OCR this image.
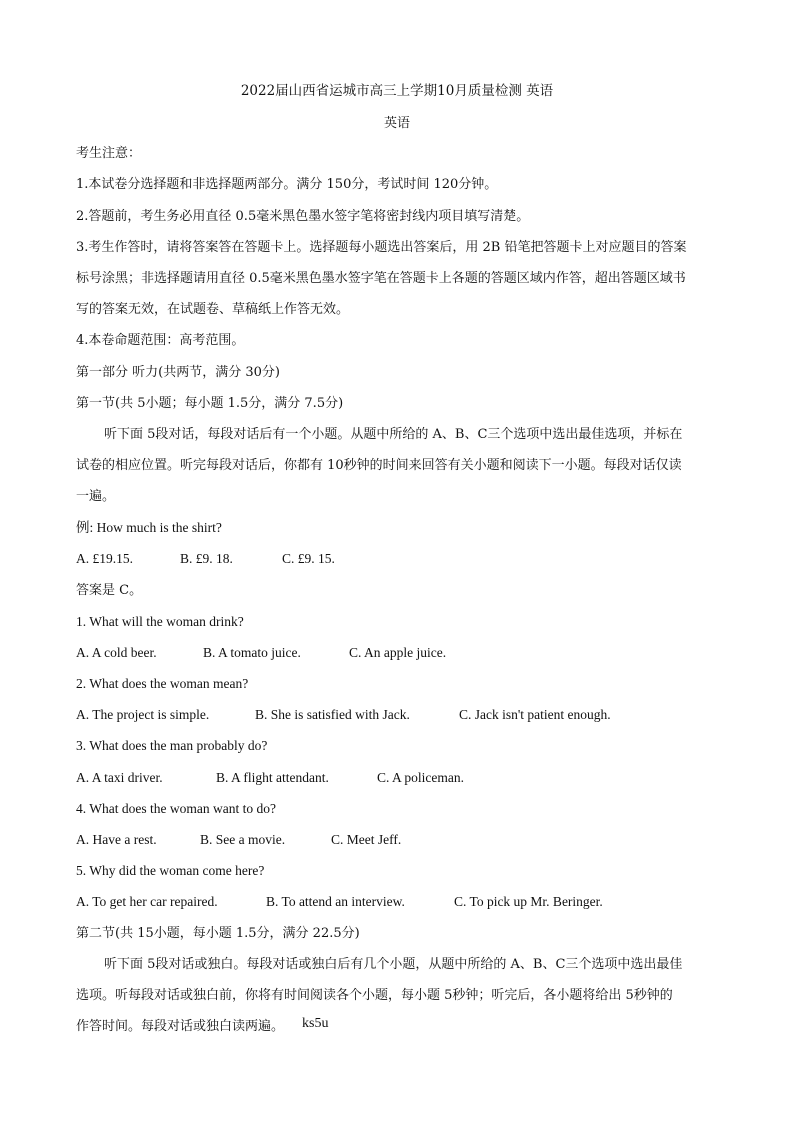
2022届山西省运城市高三上学期10月质量检测 英语
英语
考生注意：
1.本试卷分选择题和非选择题两部分。满分 150分，考试时间 120分钟。
2.答题前，考生务必用直径 0.5毫米黑色墨水签字笔将密封线内项目填写清楚。
3.考生作答时，请将答案答在答题卡上。选择题每小题选出答案后，用 2B 铅笔把答题卡上对应题目的答案
标号涂黑；非选择题请用直径 0.5毫米黑色墨水签字笔在答题卡上各题的答题区域内作答，超出答题区域书
写的答案无效，在试题卷、草稿纸上作答无效。
4.本卷命题范围：高考范围。
第一部分 听力(共两节，满分 30分)
第一节(共 5小题；每小题 1.5分，满分 7.5分)
听下面 5段对话，每段对话后有一个小题。从题中所给的 A、B、C三个选项中选出最佳选项，并标在
试卷的相应位置。听完每段对话后，你都有 10秒钟的时间来回答有关小题和阅读下一小题。每段对话仅读
一遍。
例: How much is the shirt?
A. £19.15.	B. £9. 18.	C. £9. 15.
答案是 C。
1. What will the woman drink?
A. A cold beer.	B. A tomato juice.	C. An apple juice.
2. What does the woman mean?
A. The project is simple.	B. She is satisfied with Jack.	C. Jack isn't patient enough.
3. What does the man probably do?
A. A taxi driver.	B. A flight attendant.	C. A policeman.
4. What does the woman want to do?
A. Have a rest.	B. See a movie.	C. Meet Jeff.
5. Why did the woman come here?
A. To get her car repaired.	B. To attend an interview.	C. To pick up Mr. Beringer.
第二节(共 15小题，每小题 1.5分，满分 22.5分)
听下面 5段对话或独白。每段对话或独白后有几个小题，从题中所给的 A、B、C三个选项中选出最佳
选项。听每段对话或独白前，你将有时间阅读各个小题，每小题 5秒钟；听完后，各小题将给出 5秒钟的
作答时间。每段对话或独白读两遍。 ks5u
